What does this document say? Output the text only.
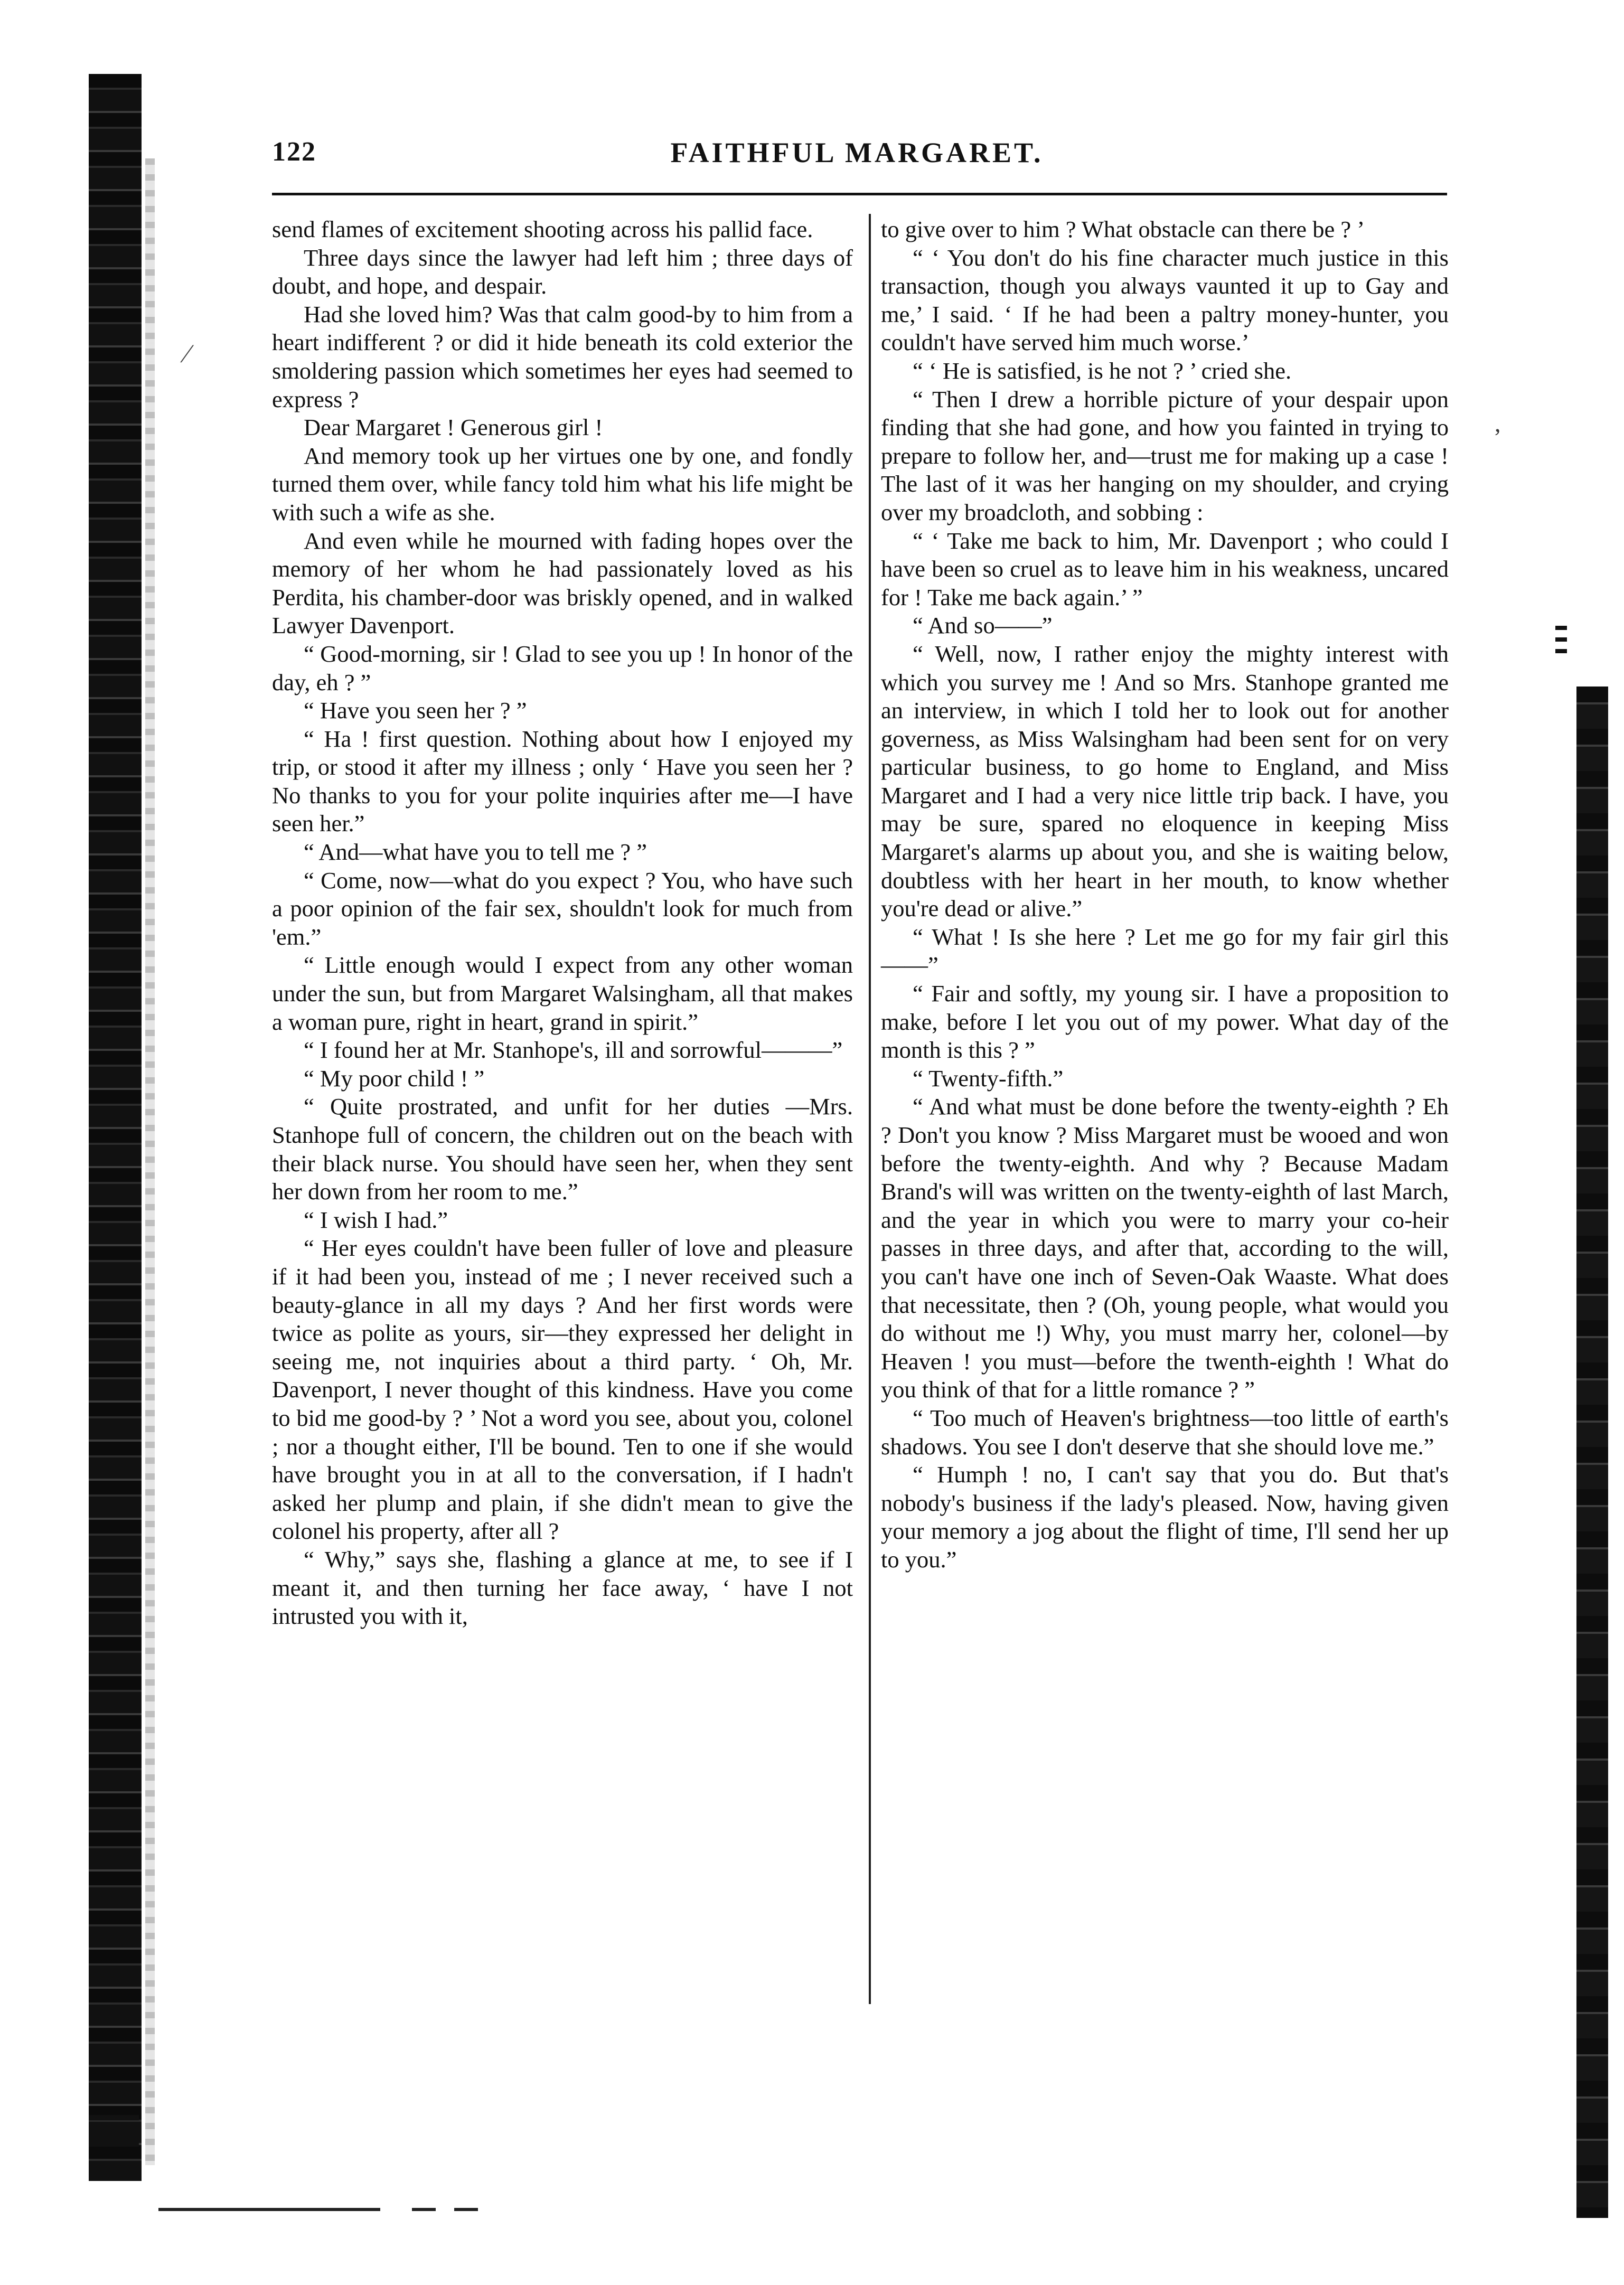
⁄
,
122	FAITHFUL MARGARET.

send flames of excitement shooting across his pallid face.

Three days since the lawyer had left him ; three days of doubt, and hope, and despair.

Had she loved him? Was that calm good-by to him from a heart indifferent ? or did it hide beneath its cold exterior the smoldering passion which sometimes her eyes had seemed to express ?

Dear Margaret ! Generous girl !

And memory took up her virtues one by one, and fondly turned them over, while fancy told him what his life might be with such a wife as she.

And even while he mourned with fading hopes over the memory of her whom he had passionately loved as his Perdita, his chamber-door was briskly opened, and in walked Lawyer Davenport.

“ Good-morning, sir ! Glad to see you up ! In honor of the day, eh ? ”

“ Have you seen her ? ”

“ Ha ! first question. Nothing about how I enjoyed my trip, or stood it after my illness ; only ‘ Have you seen her ? No thanks to you for your polite inquiries after me—I have seen her.”

“ And—what have you to tell me ? ”

“ Come, now—what do you expect ? You, who have such a poor opinion of the fair sex, shouldn't look for much from 'em.”

“ Little enough would I expect from any other woman under the sun, but from Margaret Walsingham, all that makes a woman pure, right in heart, grand in spirit.”

“ I found her at Mr. Stanhope's, ill and sorrowful———”

“ My poor child ! ”

“ Quite prostrated, and unfit for her duties —Mrs. Stanhope full of concern, the children out on the beach with their black nurse. You should have seen her, when they sent her down from her room to me.”

“ I wish I had.”

“ Her eyes couldn't have been fuller of love and pleasure if it had been you, instead of me ; I never received such a beauty-glance in all my days ? And her first words were twice as polite as yours, sir—they expressed her delight in seeing me, not inquiries about a third party. ‘ Oh, Mr. Davenport, I never thought of this kindness. Have you come to bid me good-by ? ’ Not a word you see, about you, colonel ; nor a thought either, I'll be bound. Ten to one if she would have brought you in at all to the conversation, if I hadn't asked her plump and plain, if she didn't mean to give the colonel his property, after all ?

“ Why,” says she, flashing a glance at me, to see if I meant it, and then turning her face away, ‘ have I not intrusted you with it,

to give over to him ? What obstacle can there be ? ’

“ ‘ You don't do his fine character much justice in this transaction, though you always vaunted it up to Gay and me,’ I said. ‘ If he had been a paltry money-hunter, you couldn't have served him much worse.’

“ ‘ He is satisfied, is he not ? ’ cried she.

“ Then I drew a horrible picture of your despair upon finding that she had gone, and how you fainted in trying to prepare to follow her, and—trust me for making up a case ! The last of it was her hanging on my shoulder, and crying over my broadcloth, and sobbing :

“ ‘ Take me back to him, Mr. Davenport ; who could I have been so cruel as to leave him in his weakness, uncared for ! Take me back again.’ ”

“ And so——”

“ Well, now, I rather enjoy the mighty interest with which you survey me ! And so Mrs. Stanhope granted me an interview, in which I told her to look out for another governess, as Miss Walsingham had been sent for on very particular business, to go home to England, and Miss Margaret and I had a very nice little trip back. I have, you may be sure, spared no eloquence in keeping Miss Margaret's alarms up about you, and she is waiting below, doubtless with her heart in her mouth, to know whether you're dead or alive.”

“ What ! Is she here ? Let me go for my fair girl this——”

“ Fair and softly, my young sir. I have a proposition to make, before I let you out of my power. What day of the month is this ? ”

“ Twenty-fifth.”

“ And what must be done before the twenty-eighth ? Eh ? Don't you know ? Miss Margaret must be wooed and won before the twenty-eighth. And why ? Because Madam Brand's will was written on the twenty-eighth of last March, and the year in which you were to marry your co-heir passes in three days, and after that, according to the will, you can't have one inch of Seven-Oak Waaste. What does that necessitate, then ? (Oh, young people, what would you do without me !) Why, you must marry her, colonel—by Heaven ! you must—before the twenth-eighth ! What do you think of that for a little romance ? ”

“ Too much of Heaven's brightness—too little of earth's shadows. You see I don't deserve that she should love me.”

“ Humph ! no, I can't say that you do. But that's nobody's business if the lady's pleased. Now, having given your memory a jog about the flight of time, I'll send her up to you.”
